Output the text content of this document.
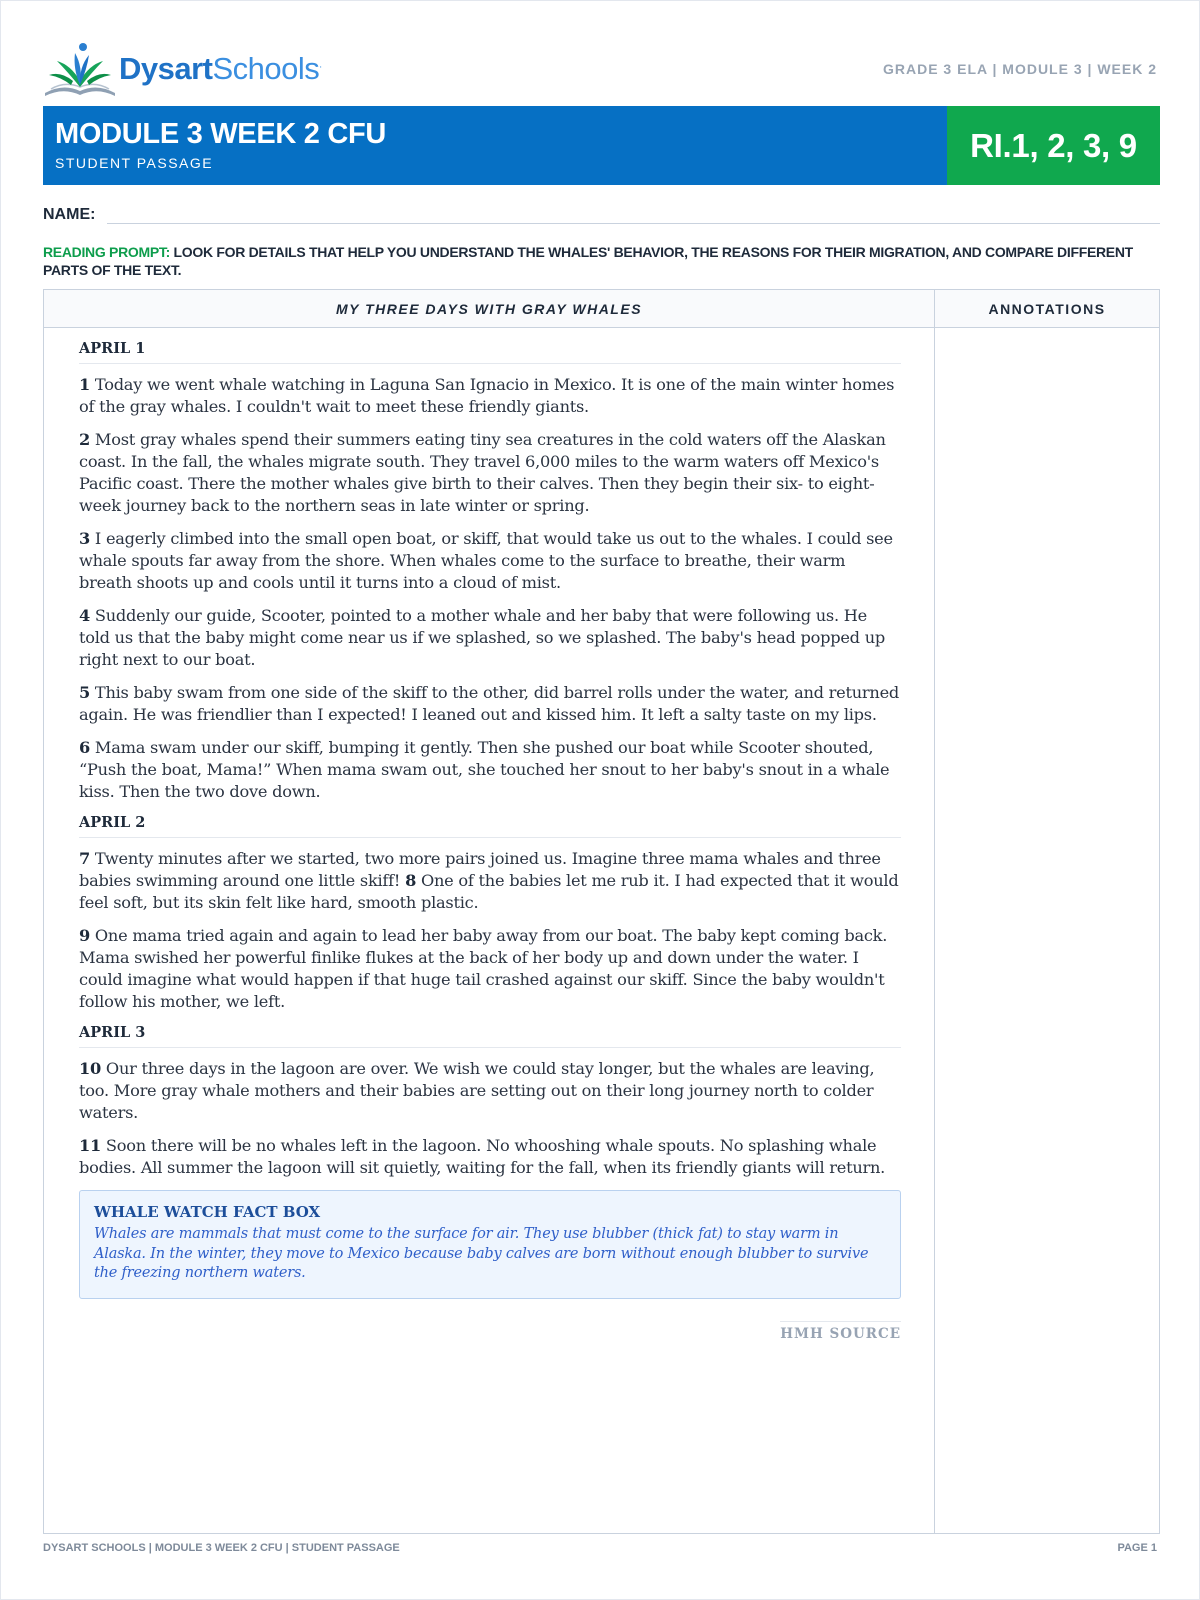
DysartSchools.	GRADE 3 ELA | MODULE 3 | WEEK 2
MODULE 3 WEEK 2 CFU
STUDENT PASSAGE	RI.1, 2, 3, 9
NAME:
READING PROMPT: LOOK FOR DETAILS THAT HELP YOU UNDERSTAND THE WHALES' BEHAVIOR, THE REASONS FOR THEIR MIGRATION, AND COMPARE DIFFERENT PARTS OF THE TEXT.
MY THREE DAYS WITH GRAY WHALES	ANNOTATIONS
APRIL 1

1 Today we went whale watching in Laguna San Ignacio in Mexico. It is one of the main winter homes of the gray whales. I couldn't wait to meet these friendly giants.

2 Most gray whales spend their summers eating tiny sea creatures in the cold waters off the Alaskan coast. In the fall, the whales migrate south. They travel 6,000 miles to the warm waters off Mexico's Pacific coast. There the mother whales give birth to their calves. Then they begin their six- to eight-week journey back to the northern seas in late winter or spring.

3 I eagerly climbed into the small open boat, or skiff, that would take us out to the whales. I could see whale spouts far away from the shore. When whales come to the surface to breathe, their warm breath shoots up and cools until it turns into a cloud of mist.

4 Suddenly our guide, Scooter, pointed to a mother whale and her baby that were following us. He told us that the baby might come near us if we splashed, so we splashed. The baby's head popped up right next to our boat.

5 This baby swam from one side of the skiff to the other, did barrel rolls under the water, and returned again. He was friendlier than I expected! I leaned out and kissed him. It left a salty taste on my lips.

6 Mama swam under our skiff, bumping it gently. Then she pushed our boat while Scooter shouted, “Push the boat, Mama!” When mama swam out, she touched her snout to her baby's snout in a whale kiss. Then the two dove down.

APRIL 2

7 Twenty minutes after we started, two more pairs joined us. Imagine three mama whales and three babies swimming around one little skiff! 8 One of the babies let me rub it. I had expected that it would feel soft, but its skin felt like hard, smooth plastic.

9 One mama tried again and again to lead her baby away from our boat. The baby kept coming back. Mama swished her powerful finlike flukes at the back of her body up and down under the water. I could imagine what would happen if that huge tail crashed against our skiff. Since the baby wouldn't follow his mother, we left.

APRIL 3

10 Our three days in the lagoon are over. We wish we could stay longer, but the whales are leaving, too. More gray whale mothers and their babies are setting out on their long journey north to colder waters.

11 Soon there will be no whales left in the lagoon. No whooshing whale spouts. No splashing whale bodies. All summer the lagoon will sit quietly, waiting for the fall, when its friendly giants will return.

WHALE WATCH FACT BOX
Whales are mammals that must come to the surface for air. They use blubber (thick fat) to stay warm in Alaska. In the winter, they move to Mexico because baby calves are born without enough blubber to survive the freezing northern waters.
HMH SOURCE
DYSART SCHOOLS | MODULE 3 WEEK 2 CFU | STUDENT PASSAGE	PAGE 1
